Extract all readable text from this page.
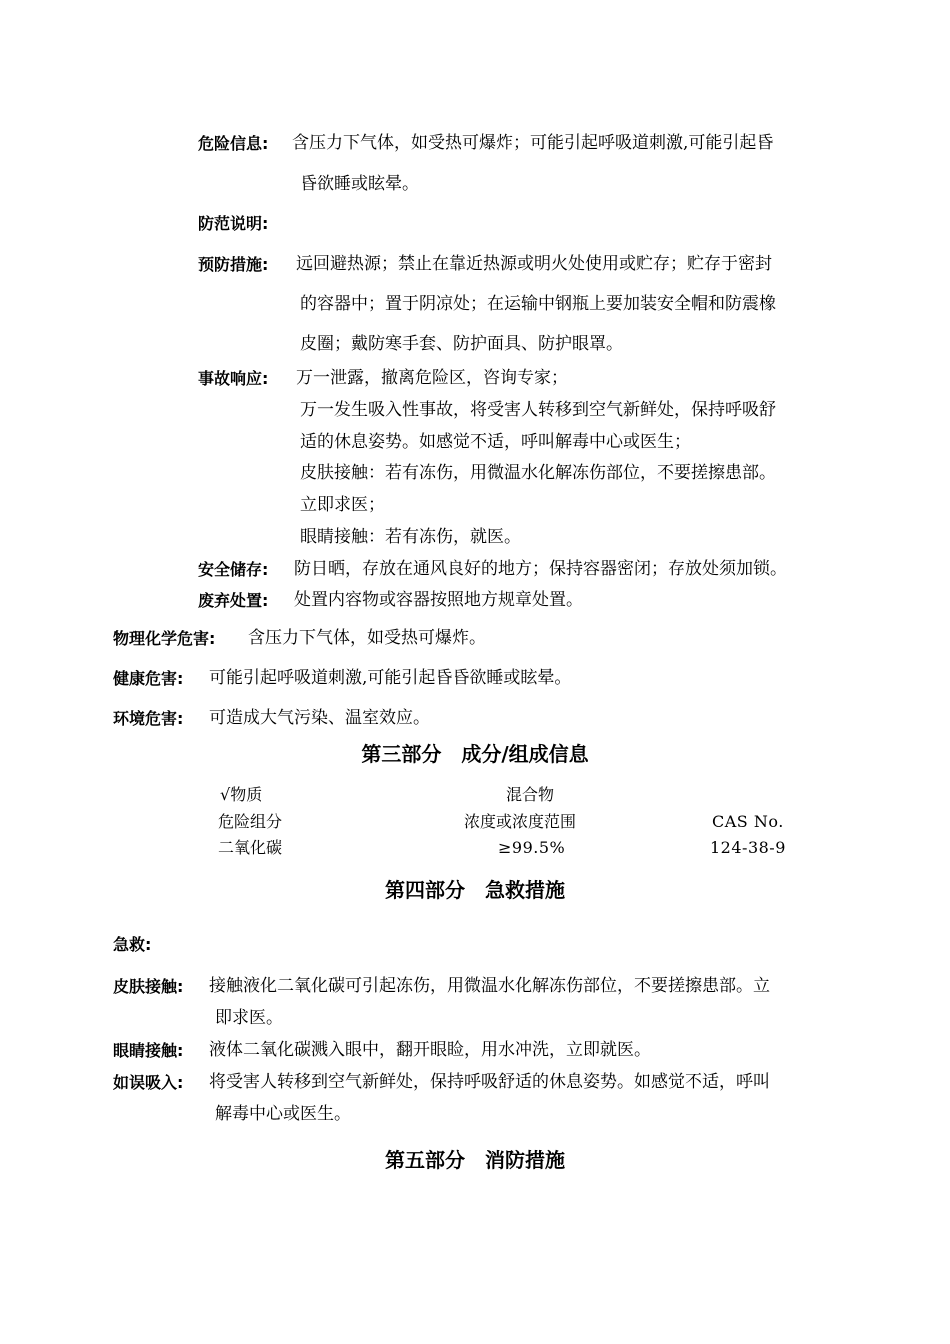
危险信息: 含压力下气体，如受热可爆炸；可能引起呼吸道刺激,可能引起昏
昏欲睡或眩晕。
防范说明:
预防措施: 远回避热源；禁止在靠近热源或明火处使用或贮存；贮存于密封
的容器中；置于阴凉处；在运输中钢瓶上要加装安全帽和防震橡
皮圈；戴防寒手套、防护面具、防护眼罩。
事故响应: 万一泄露，撤离危险区，咨询专家；
万一发生吸入性事故，将受害人转移到空气新鲜处，保持呼吸舒
适的休息姿势。如感觉不适，呼叫解毒中心或医生；
皮肤接触：若有冻伤，用微温水化解冻伤部位，不要搓擦患部。
立即求医；
眼睛接触：若有冻伤，就医。
安全储存: 防日晒，存放在通风良好的地方；保持容器密闭；存放处须加锁。
废弃处置: 处置内容物或容器按照地方规章处置。
物理化学危害: 含压力下气体，如受热可爆炸。
健康危害: 可能引起呼吸道刺激,可能引起昏昏欲睡或眩晕。
环境危害: 可造成大气污染、温室效应。
第三部分　成分/组成信息
√物质	混合物
危险组分	浓度或浓度范围	CAS No.
二氧化碳	≥99.5%	124-38-9
第四部分　急救措施
急救:
皮肤接触: 接触液化二氧化碳可引起冻伤，用微温水化解冻伤部位，不要搓擦患部。立
即求医。
眼睛接触: 液体二氧化碳溅入眼中，翻开眼睑，用水冲洗，立即就医。
如误吸入: 将受害人转移到空气新鲜处，保持呼吸舒适的休息姿势。如感觉不适，呼叫
解毒中心或医生。
第五部分　消防措施
